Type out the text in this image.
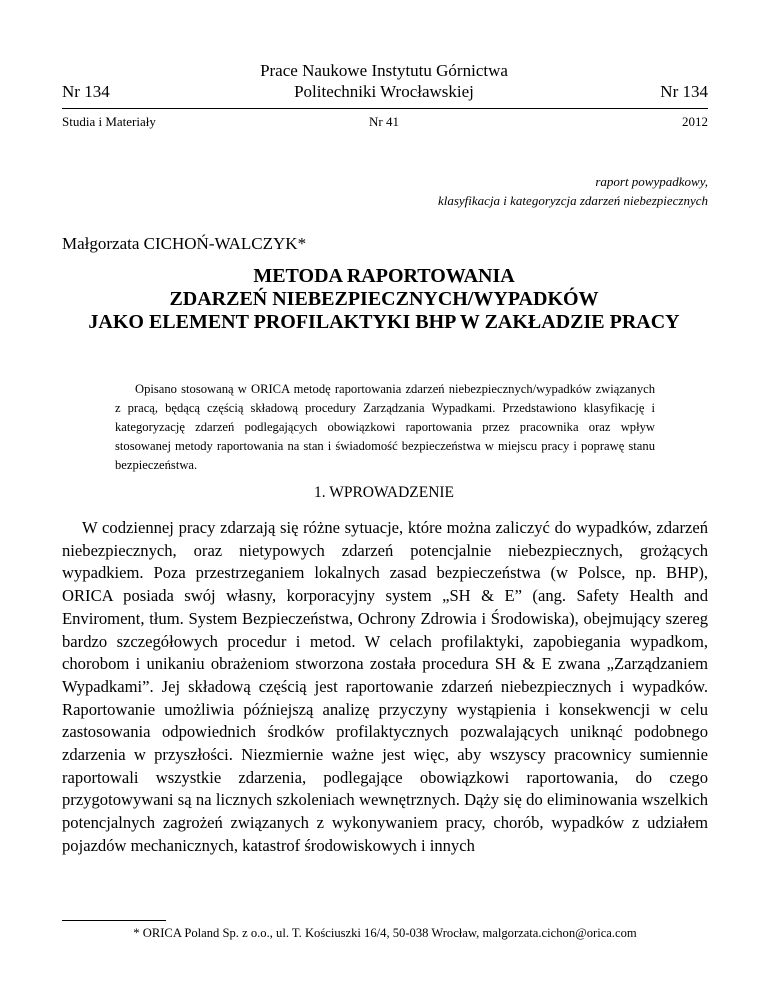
Prace Naukowe Instytutu Górnictwa
Politechniki Wrocławskiej
Nr 134	Nr 134
Studia i Materiały	Nr 41	2012
raport powypadkowy,
klasyfikacja i kategoryzcja zdarzeń niebezpiecznych
Małgorzata CICHOŃ-WALCZYK*
METODA RAPORTOWANIA
ZDARZEŃ NIEBEZPIECZNYCH/WYPADKÓW
JAKO ELEMENT PROFILAKTYKI BHP W ZAKŁADZIE PRACY

Opisano stosowaną w ORICA metodę raportowania zdarzeń niebezpiecznych/wypadków związanych z pracą, będącą częścią składową procedury Zarządzania Wypadkami. Przedstawiono klasyfikację i kategoryzację zdarzeń podlegających obowiązkowi raportowania przez pracownika oraz wpływ stosowanej metody raportowania na stan i świadomość bezpieczeństwa w miejscu pracy i poprawę stanu bezpieczeństwa.

1. WPROWADZENIE

W codziennej pracy zdarzają się różne sytuacje, które można zaliczyć do wypadków, zdarzeń niebezpiecznych, oraz nietypowych zdarzeń potencjalnie niebezpiecznych, grożących wypadkiem. Poza przestrzeganiem lokalnych zasad bezpieczeństwa (w Polsce, np. BHP), ORICA posiada swój własny, korporacyjny system „SH & E” (ang. Safety Health and Enviroment, tłum. System Bezpieczeństwa, Ochrony Zdrowia i Środowiska), obejmujący szereg bardzo szczegółowych procedur i metod. W celach profilaktyki, zapobiegania wypadkom, chorobom i unikaniu obrażeniom stworzona została procedura SH & E zwana „Zarządzaniem Wypadkami”. Jej składową częścią jest raportowanie zdarzeń niebezpiecznych i wypadków. Raportowanie umożliwia późniejszą analizę przyczyny wystąpienia i konsekwencji w celu zastosowania odpowiednich środków profilaktycznych pozwalających uniknąć podobnego zdarzenia w przyszłości. Niezmiernie ważne jest więc, aby wszyscy pracownicy sumiennie raportowali wszystkie zdarzenia, podlegające obowiązkowi raportowania, do czego przygotowywani są na licznych szkoleniach wewnętrznych. Dąży się do eliminowania wszelkich potencjalnych zagrożeń związanych z wykonywaniem pracy, chorób, wypadków z udziałem pojazdów mechanicznych, katastrof środowiskowych i innych

* ORICA Poland Sp. z o.o., ul. T. Kościuszki 16/4, 50-038 Wrocław, malgorzata.cichon@orica.com
